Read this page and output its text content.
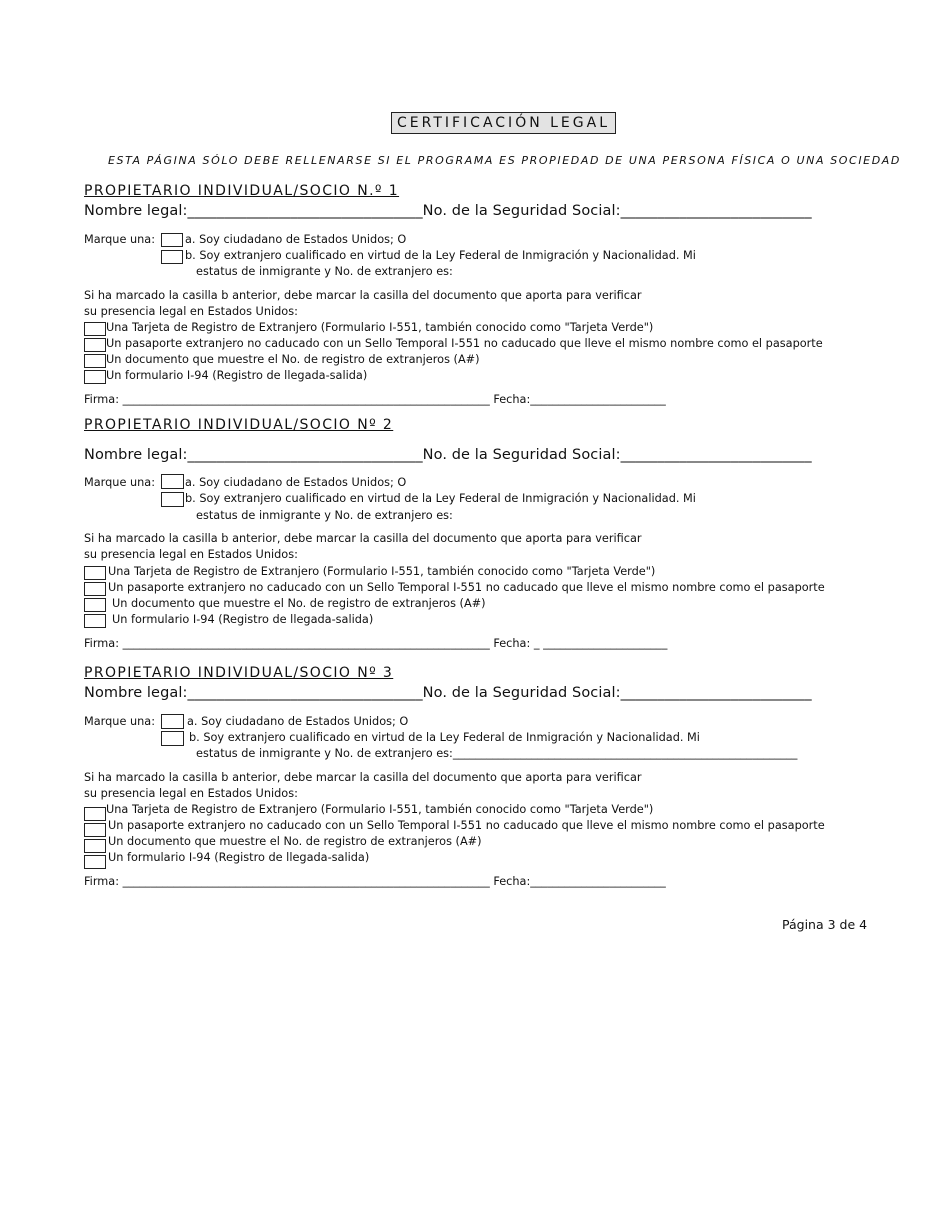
CERTIFICACIÓN LEGAL
ESTA PÁGINA SÓLO DEBE RELLENARSE SI EL PROGRAMA ES PROPIEDAD DE UNA PERSONA FÍSICA O UNA SOCIEDAD
PROPIETARIO INDIVIDUAL/SOCIO N.º 1
Nombre legal:________________________________No. de la Seguridad Social:__________________________
Marque una:	a. Soy ciudadano de Estados Unidos; O
b. Soy extranjero cualificado en virtud de la Ley Federal de Inmigración y Nacionalidad. Mi
estatus de inmigrante y No. de extranjero es:
Si ha marcado la casilla b anterior, debe marcar la casilla del documento que aporta para verificar
su presencia legal en Estados Unidos:
Una Tarjeta de Registro de Extranjero (Formulario I-551, también conocido como "Tarjeta Verde")
Un pasaporte extranjero no caducado con un Sello Temporal I-551 no caducado que lleve el mismo nombre como el pasaporte
Un documento que muestre el No. de registro de extranjeros (A#)
Un formulario I-94 (Registro de llegada-salida)
Firma: _________________________________________________________________ Fecha:________________________
PROPIETARIO INDIVIDUAL/SOCIO Nº 2
Nombre legal:________________________________No. de la Seguridad Social:__________________________
Marque una:	a. Soy ciudadano de Estados Unidos; O
b. Soy extranjero cualificado en virtud de la Ley Federal de Inmigración y Nacionalidad. Mi
estatus de inmigrante y No. de extranjero es:
Si ha marcado la casilla b anterior, debe marcar la casilla del documento que aporta para verificar
su presencia legal en Estados Unidos:
Una Tarjeta de Registro de Extranjero (Formulario I-551, también conocido como "Tarjeta Verde")
Un pasaporte extranjero no caducado con un Sello Temporal I-551 no caducado que lleve el mismo nombre como el pasaporte
Un documento que muestre el No. de registro de extranjeros (A#)
Un formulario I-94 (Registro de llegada-salida)
Firma: _________________________________________________________________ Fecha: _ ______________________
PROPIETARIO INDIVIDUAL/SOCIO Nº 3
Nombre legal:________________________________No. de la Seguridad Social:__________________________
Marque una:	a. Soy ciudadano de Estados Unidos; O
b. Soy extranjero cualificado en virtud de la Ley Federal de Inmigración y Nacionalidad. Mi
estatus de inmigrante y No. de extranjero es:_____________________________________________________________
Si ha marcado la casilla b anterior, debe marcar la casilla del documento que aporta para verificar
su presencia legal en Estados Unidos:
Una Tarjeta de Registro de Extranjero (Formulario I-551, también conocido como "Tarjeta Verde")
Un pasaporte extranjero no caducado con un Sello Temporal I-551 no caducado que lleve el mismo nombre como el pasaporte
Un documento que muestre el No. de registro de extranjeros (A#)
Un formulario I-94 (Registro de llegada-salida)
Firma: _________________________________________________________________ Fecha:________________________
Página 3 de 4
